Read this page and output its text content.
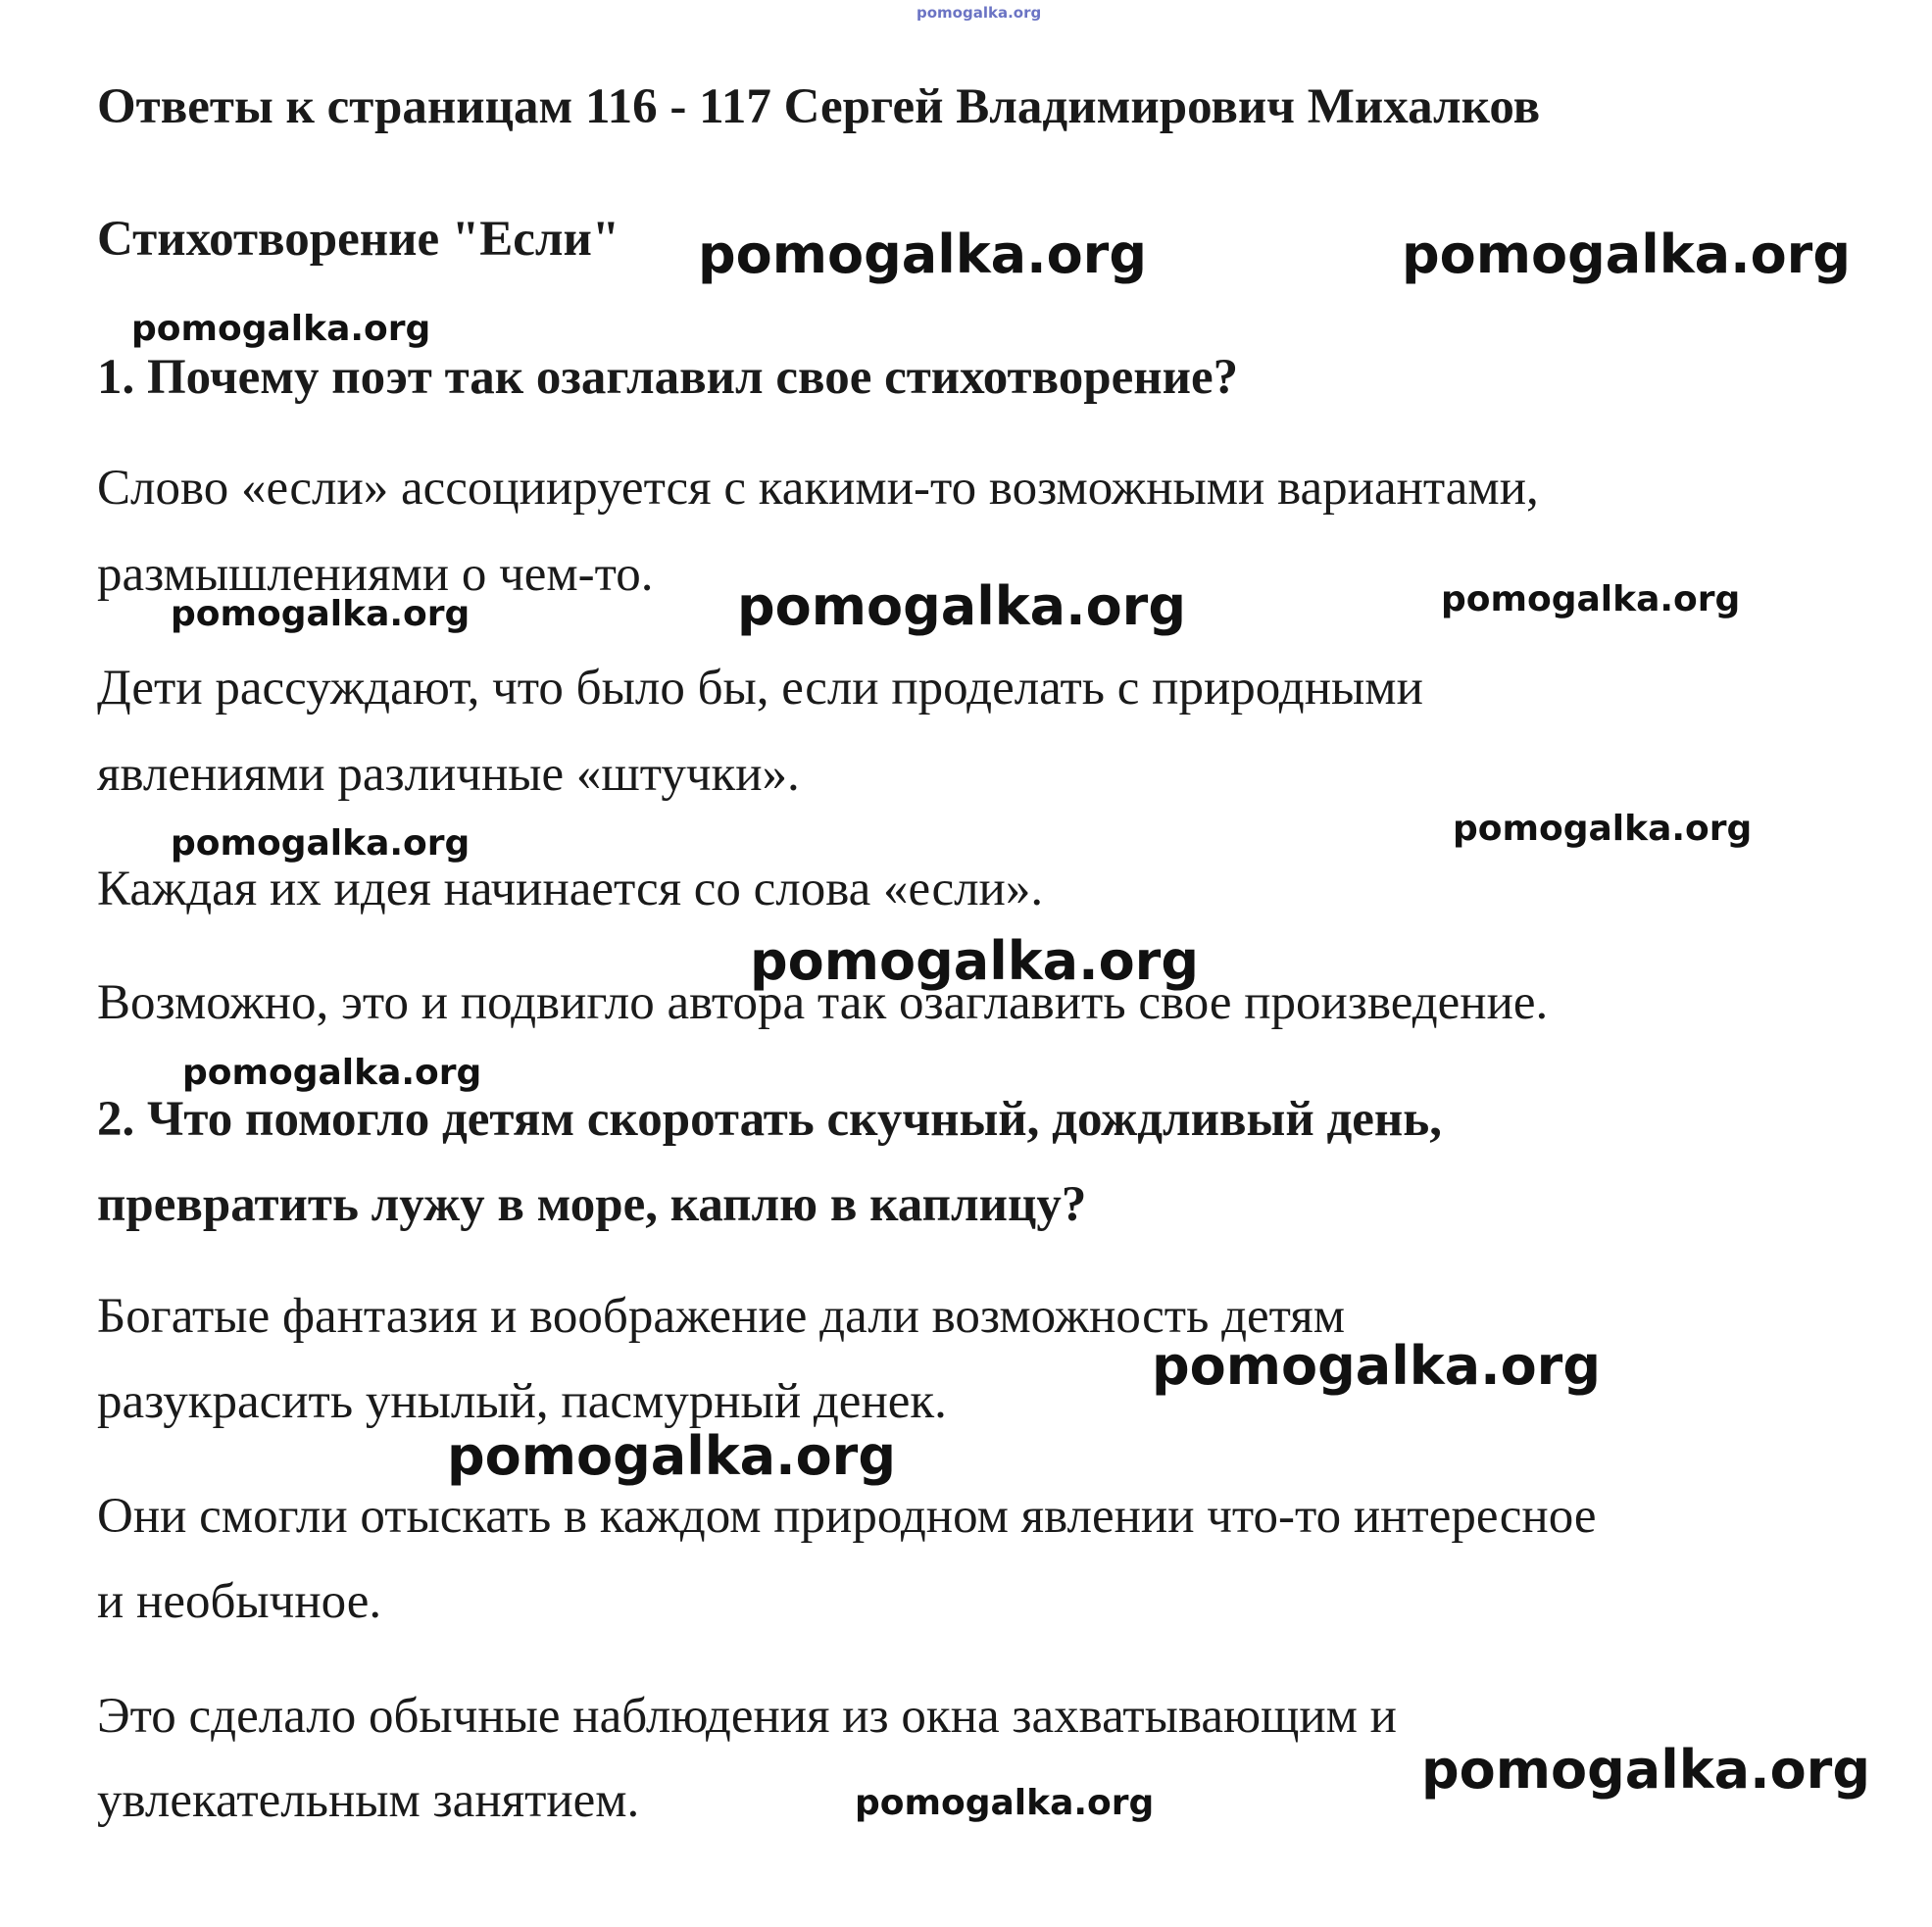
pomogalka.org
Ответы к страницам 116 - 117 Сергей Владимирович Михалков
Стихотворение "Если"
1. Почему поэт так озаглавил свое стихотворение?
Слово «если» ассоциируется с какими-то возможными вариантами,
размышлениями о чем-то.
Дети рассуждают, что было бы, если проделать с природными
явлениями различные «штучки».
Каждая их идея начинается со слова «если».
Возможно, это и подвигло автора так озаглавить свое произведение.
2. Что помогло детям скоротать скучный, дождливый день,
превратить лужу в море, каплю в каплицу?
Богатые фантазия и воображение дали возможность детям
разукрасить унылый, пасмурный денек.
Они смогли отыскать в каждом природном явлении что-то интересное
и необычное.
Это сделало обычные наблюдения из окна захватывающим и
увлекательным занятием.
pomogalka.org	pomogalka.org
pomogalka.org
pomogalka.org	pomogalka.org	pomogalka.org
pomogalka.org	pomogalka.org
pomogalka.org
pomogalka.org
pomogalka.org
pomogalka.org
pomogalka.org
pomogalka.org
